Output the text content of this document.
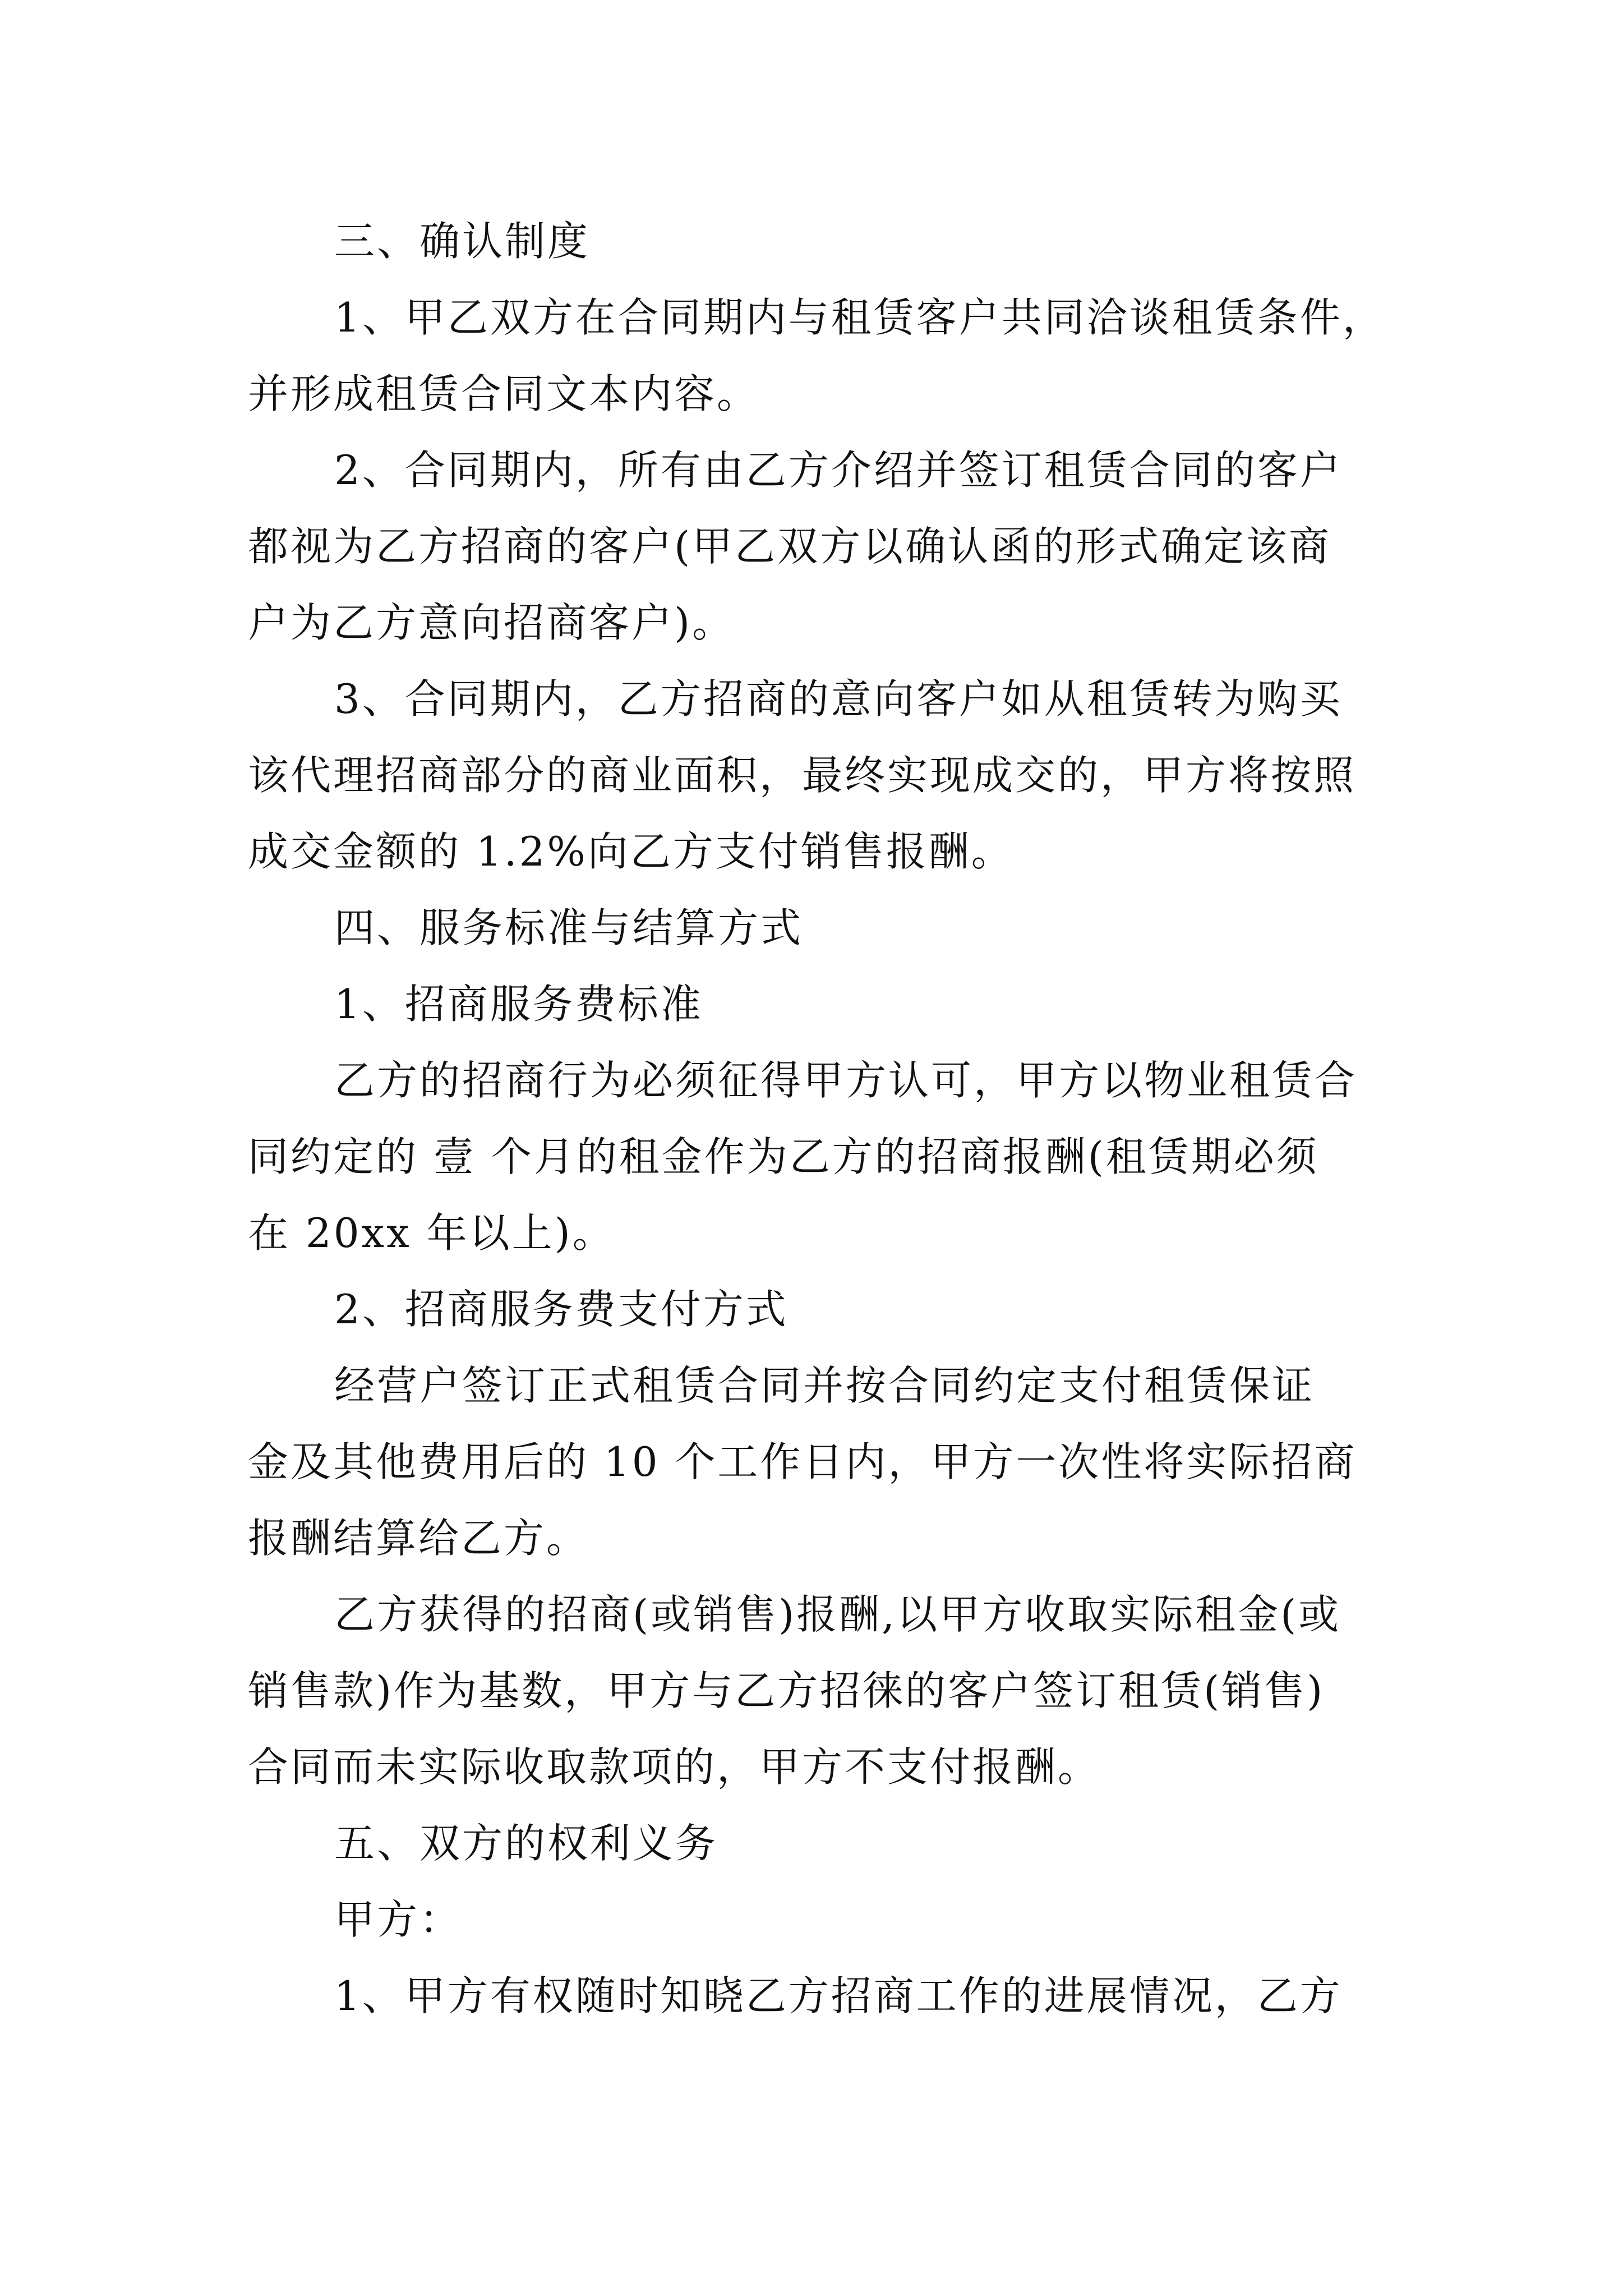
三、确认制度
1、甲乙双方在合同期内与租赁客户共同洽谈租赁条件，
并形成租赁合同文本内容。
2、合同期内，所有由乙方介绍并签订租赁合同的客户
都视为乙方招商的客户(甲乙双方以确认函的形式确定该商
户为乙方意向招商客户)。
3、合同期内，乙方招商的意向客户如从租赁转为购买
该代理招商部分的商业面积，最终实现成交的，甲方将按照
成交金额的 1.2%向乙方支付销售报酬。
四、服务标准与结算方式
1、招商服务费标准
乙方的招商行为必须征得甲方认可，甲方以物业租赁合
同约定的 壹 个月的租金作为乙方的招商报酬(租赁期必须
在 20xx 年以上)。
2、招商服务费支付方式
经营户签订正式租赁合同并按合同约定支付租赁保证
金及其他费用后的 10 个工作日内，甲方一次性将实际招商
报酬结算给乙方。
乙方获得的招商(或销售)报酬,以甲方收取实际租金(或
销售款)作为基数，甲方与乙方招徕的客户签订租赁(销售)
合同而未实际收取款项的，甲方不支付报酬。
五、双方的权利义务
甲方：
1、甲方有权随时知晓乙方招商工作的进展情况，乙方
